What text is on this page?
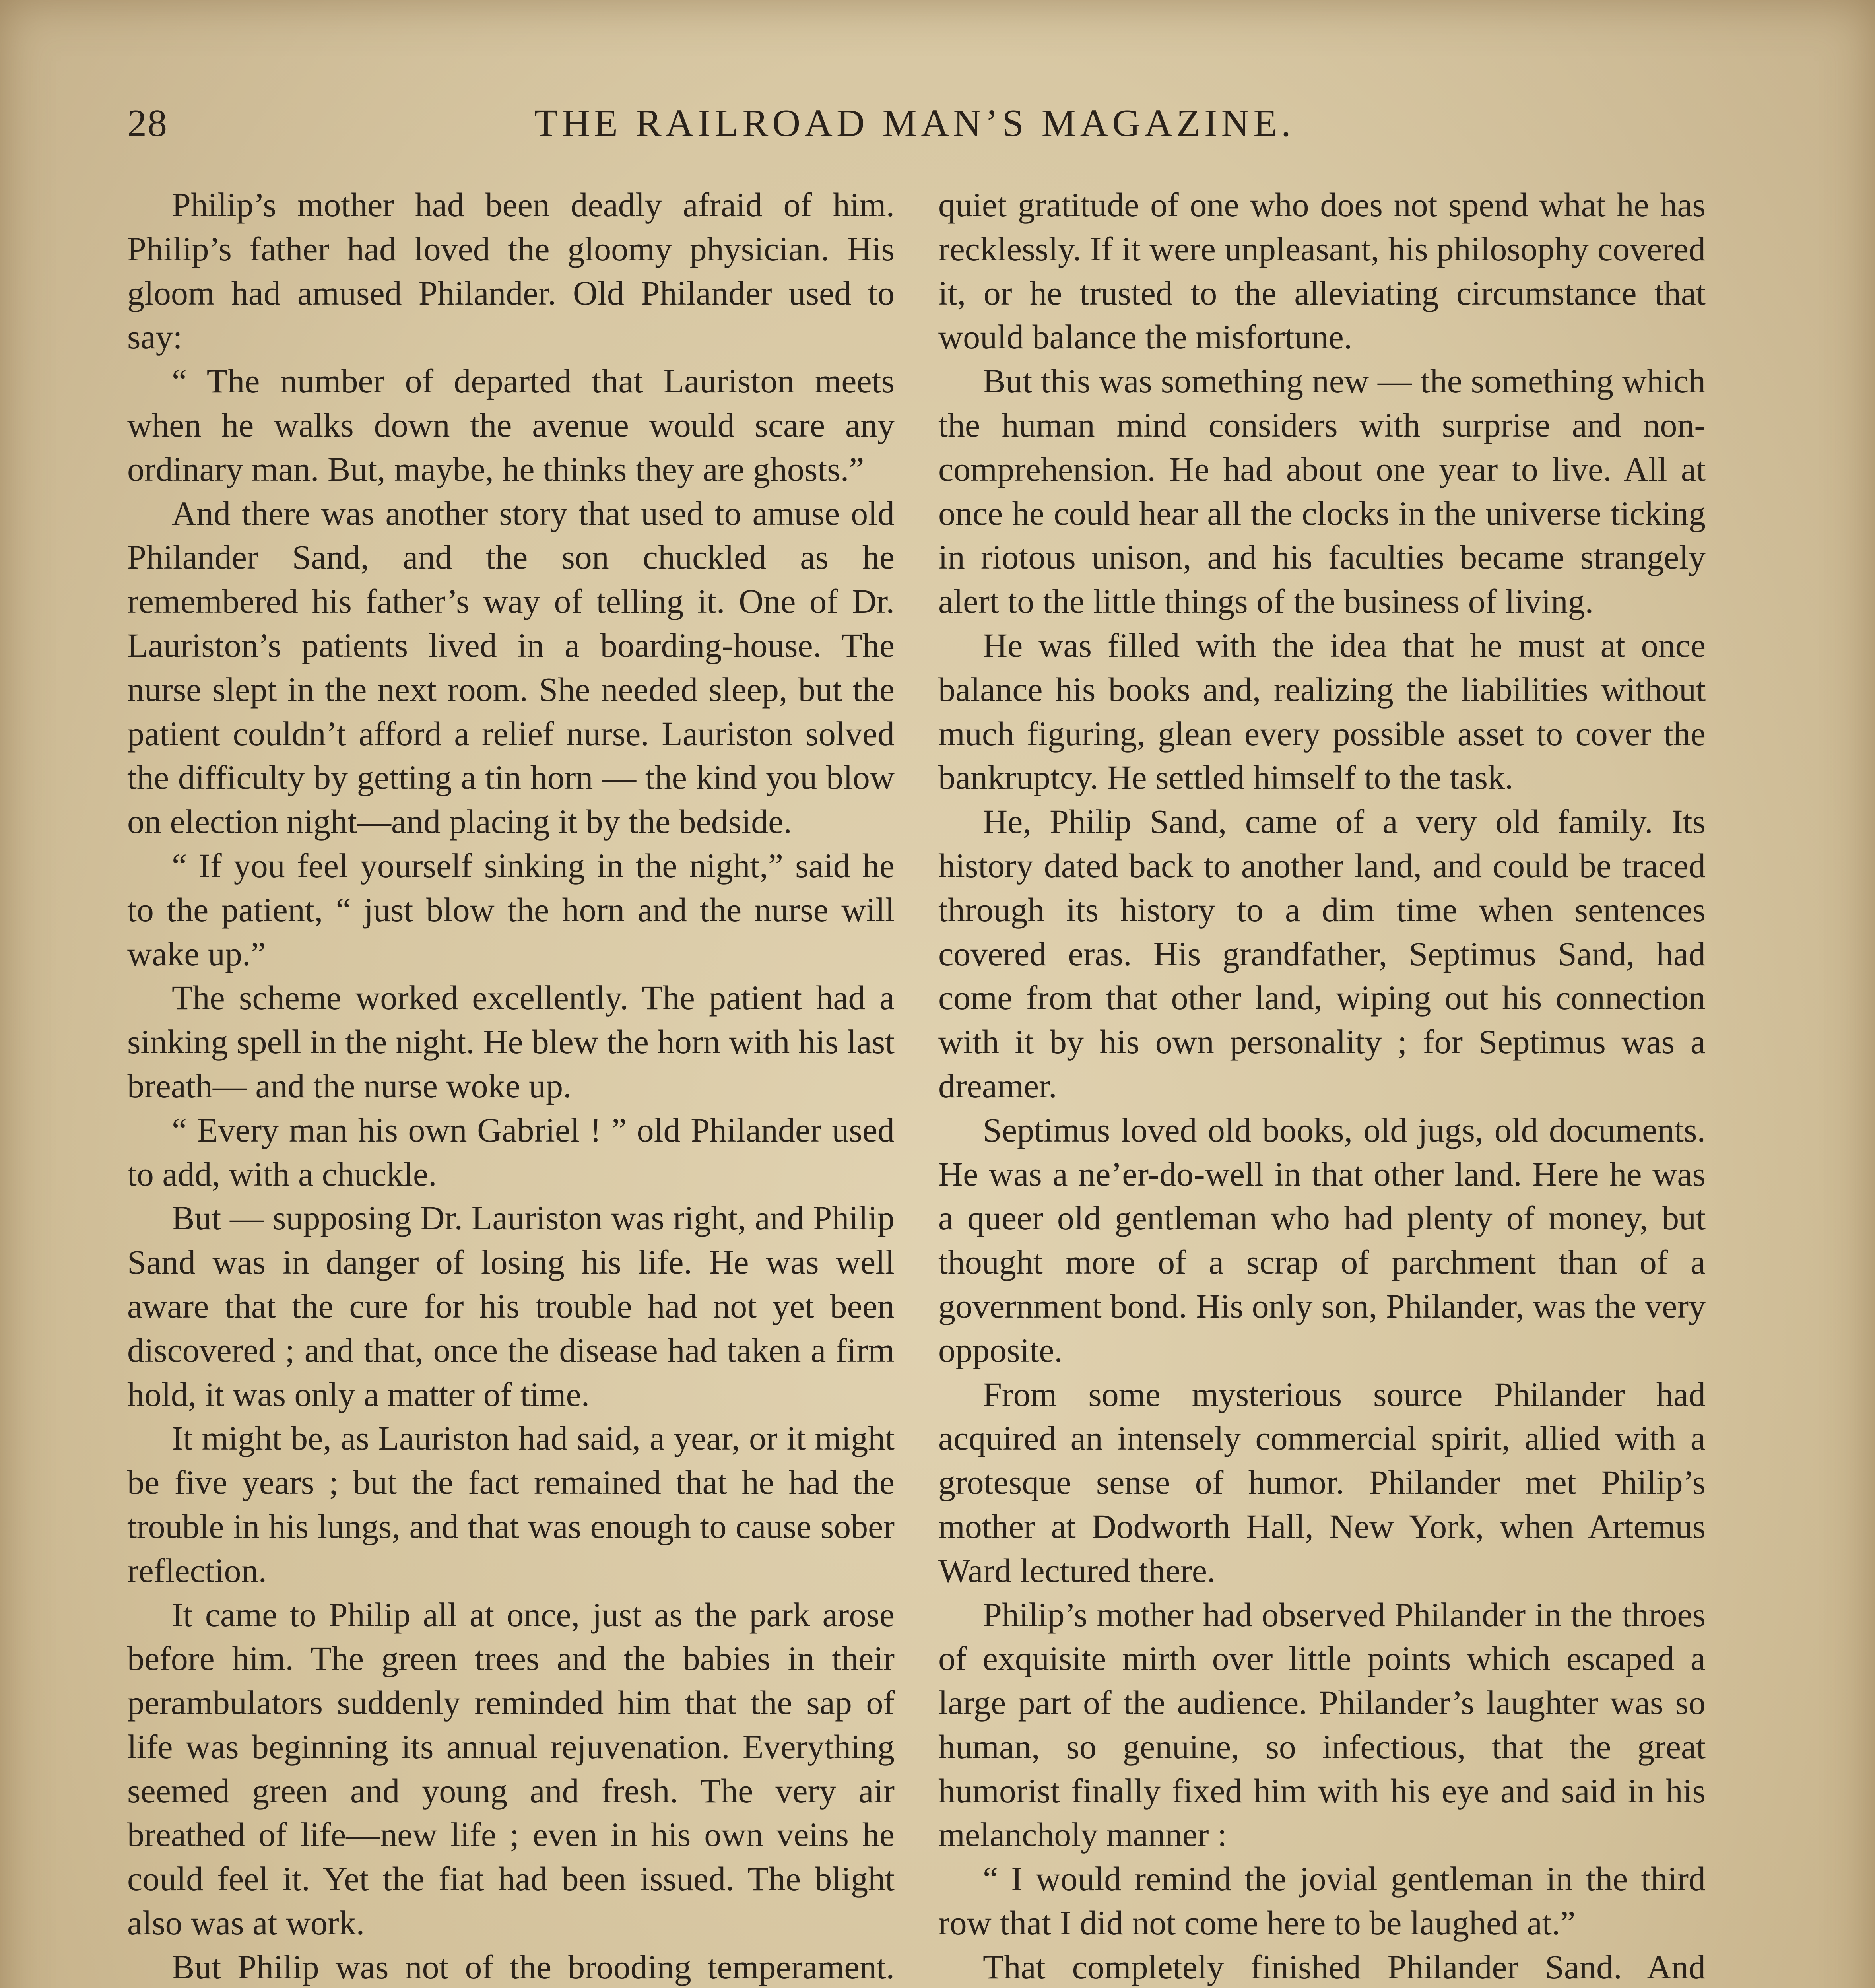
28	THE RAILROAD MAN’S MAGAZINE.

Philip’s mother had been deadly afraid of him. Philip’s father had loved the gloomy physician. His gloom had amused Philander. Old Philander used to say:

“ The number of departed that Lauriston meets when he walks down the avenue would scare any ordinary man. But, maybe, he thinks they are ghosts.”

And there was another story that used to amuse old Philander Sand, and the son chuckled as he remembered his father’s way of telling it. One of Dr. Lauriston’s patients lived in a boarding-house. The nurse slept in the next room. She needed sleep, but the patient couldn’t afford a relief nurse. Lauriston solved the difficulty by getting a tin horn — the kind you blow on election night—and placing it by the bedside.

“ If you feel yourself sinking in the night,” said he to the patient, “ just blow the horn and the nurse will wake up.”

The scheme worked excellently. The patient had a sinking spell in the night. He blew the horn with his last breath— and the nurse woke up.

“ Every man his own Gabriel ! ” old Philander used to add, with a chuckle.

But — supposing Dr. Lauriston was right, and Philip Sand was in danger of losing his life. He was well aware that the cure for his trouble had not yet been discovered ; and that, once the disease had taken a firm hold, it was only a matter of time.

It might be, as Lauriston had said, a year, or it might be five years ; but the fact remained that he had the trouble in his lungs, and that was enough to cause sober reflection.

It came to Philip all at once, just as the park arose before him. The green trees and the babies in their perambulators suddenly reminded him that the sap of life was beginning its annual rejuvenation. Everything seemed green and young and fresh. The very air breathed of life—new life ; even in his own veins he could feel it. Yet the fiat had been issued. The blight also was at work.

But Philip was not of the brooding temperament.

quiet gratitude of one who does not spend what he has recklessly. If it were unpleasant, his philosophy covered it, or he trusted to the alleviating circumstance that would balance the misfortune.

But this was something new — the something which the human mind considers with surprise and non-comprehension. He had about one year to live. All at once he could hear all the clocks in the universe ticking in riotous unison, and his faculties became strangely alert to the little things of the business of living.

He was filled with the idea that he must at once balance his books and, realizing the liabilities without much figuring, glean every possible asset to cover the bankruptcy. He settled himself to the task.

He, Philip Sand, came of a very old family. Its history dated back to another land, and could be traced through its history to a dim time when sentences covered eras. His grandfather, Septimus Sand, had come from that other land, wiping out his connection with it by his own personality ; for Septimus was a dreamer.

Septimus loved old books, old jugs, old documents. He was a ne’er-do-well in that other land. Here he was a queer old gentleman who had plenty of money, but thought more of a scrap of parchment than of a government bond. His only son, Philander, was the very opposite.

From some mysterious source Philander had acquired an intensely commercial spirit, allied with a grotesque sense of humor. Philander met Philip’s mother at Dodworth Hall, New York, when Artemus Ward lectured there.

Philip’s mother had observed Philander in the throes of exquisite mirth over little points which escaped a large part of the audience. Philander’s laughter was so human, so genuine, so infectious, that the great humorist finally fixed him with his eye and said in his melancholy manner :

“ I would remind the jovial gentleman in the third row that I did not come here to be laughed at.”

That completely finished Philander Sand. And
